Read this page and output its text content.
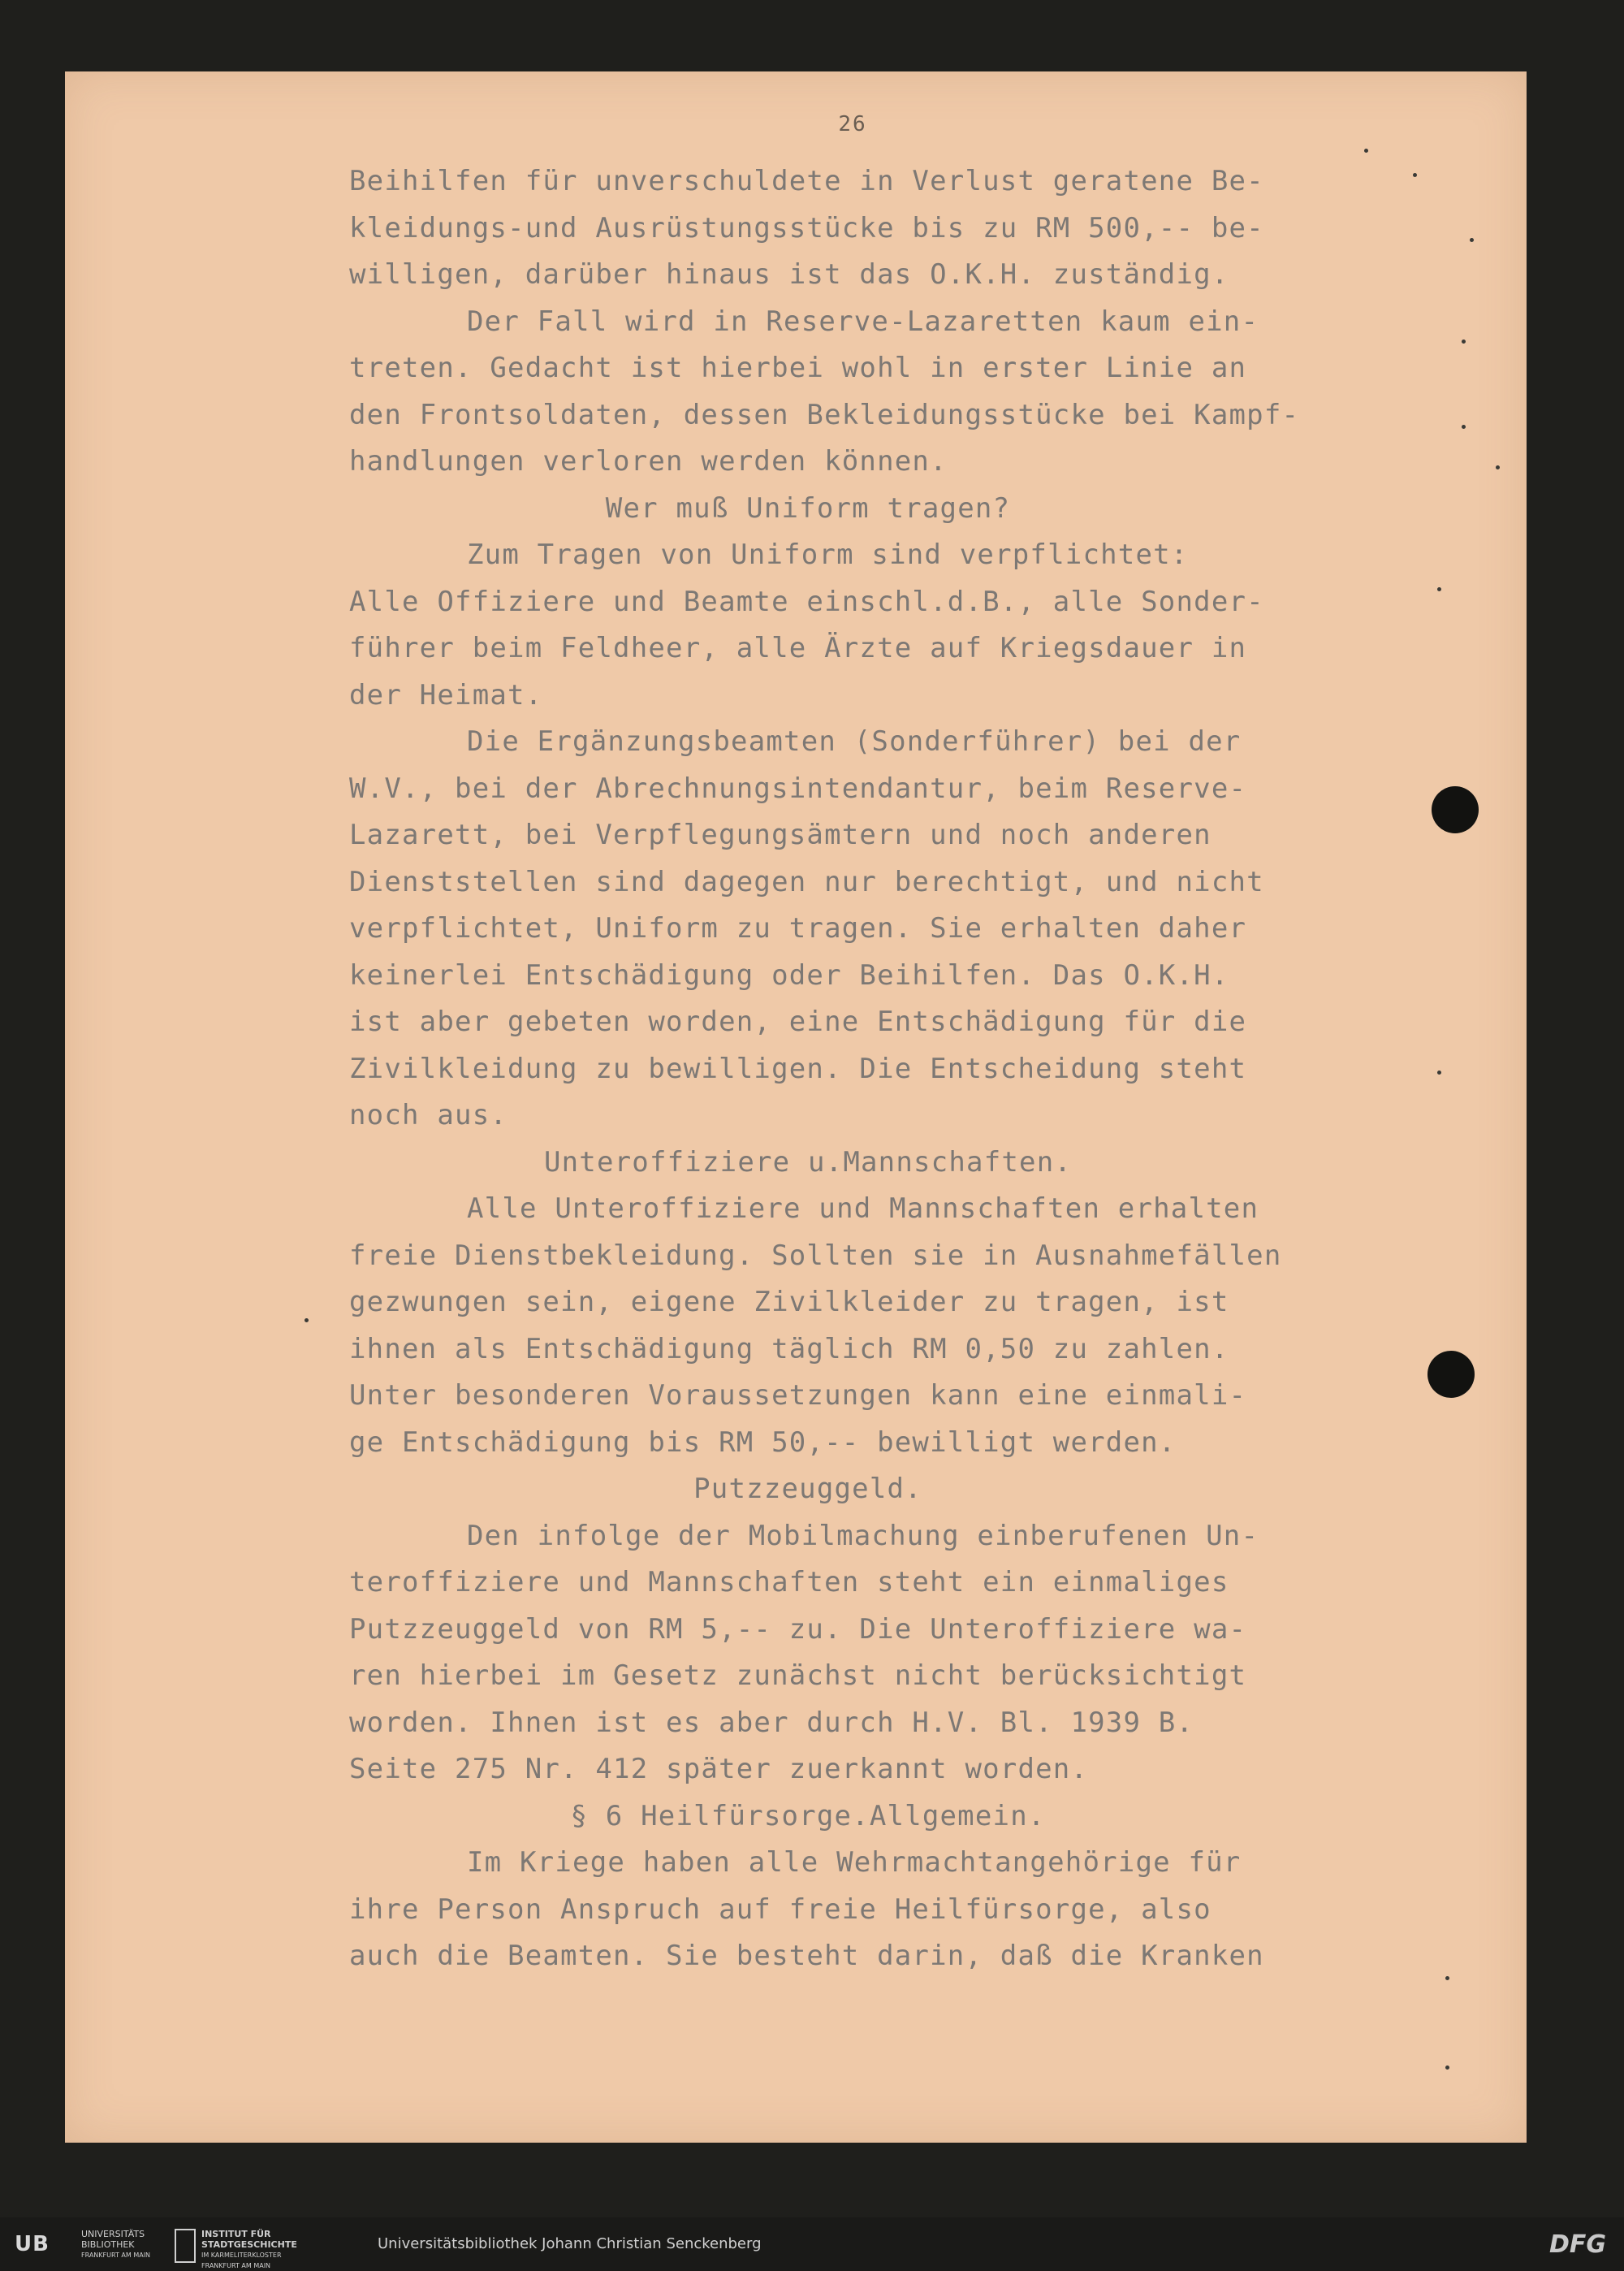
26

Beihilfen für unverschuldete in Verlust geratene Be-
kleidungs-und Ausrüstungsstücke bis zu RM 500,-- be-
willigen, darüber hinaus ist das O.K.H. zuständig.

Der Fall wird in Reserve-Lazaretten kaum ein-
treten. Gedacht ist hierbei wohl in erster Linie an
den Frontsoldaten, dessen Bekleidungsstücke bei Kampf-
handlungen verloren werden können.

Wer muß Uniform tragen?

Zum Tragen von Uniform sind verpflichtet:
Alle Offiziere und Beamte einschl.d.B., alle Sonder-
führer beim Feldheer, alle Ärzte auf Kriegsdauer in
der Heimat.

Die Ergänzungsbeamten (Sonderführer) bei der
W.V., bei der Abrechnungsintendantur, beim Reserve-
Lazarett, bei Verpflegungsämtern und noch anderen
Dienststellen sind dagegen nur berechtigt, und nicht
verpflichtet, Uniform zu tragen. Sie erhalten daher
keinerlei Entschädigung oder Beihilfen. Das O.K.H.
ist aber gebeten worden, eine Entschädigung für die
Zivilkleidung zu bewilligen. Die Entscheidung steht
noch aus.

Unteroffiziere u.Mannschaften.

Alle Unteroffiziere und Mannschaften erhalten
freie Dienstbekleidung. Sollten sie in Ausnahmefällen
gezwungen sein, eigene Zivilkleider zu tragen, ist
ihnen als Entschädigung täglich RM 0,50 zu zahlen.
Unter besonderen Voraussetzungen kann eine einmali-
ge Entschädigung bis RM 50,-- bewilligt werden.

Putzzeuggeld.

Den infolge der Mobilmachung einberufenen Un-
teroffiziere und Mannschaften steht ein einmaliges
Putzzeuggeld von RM 5,-- zu. Die Unteroffiziere wa-
ren hierbei im Gesetz zunächst nicht berücksichtigt
worden. Ihnen ist es aber durch H.V. Bl. 1939 B.
Seite 275 Nr. 412 später zuerkannt worden.

§ 6 Heilfürsorge.Allgemein.

Im Kriege haben alle Wehrmachtangehörige für
ihre Person Anspruch auf freie Heilfürsorge, also
auch die Beamten. Sie besteht darin, daß die Kranken

UB	UNIVERSITÄTS
BIBLIOTHEK
FRANKFURT AM MAIN
INSTITUT FÜR
STADTGESCHICHTE
IM KARMELITERKLOSTER
FRANKFURT AM MAIN
Universitätsbibliothek Johann Christian Senckenberg	DFG
